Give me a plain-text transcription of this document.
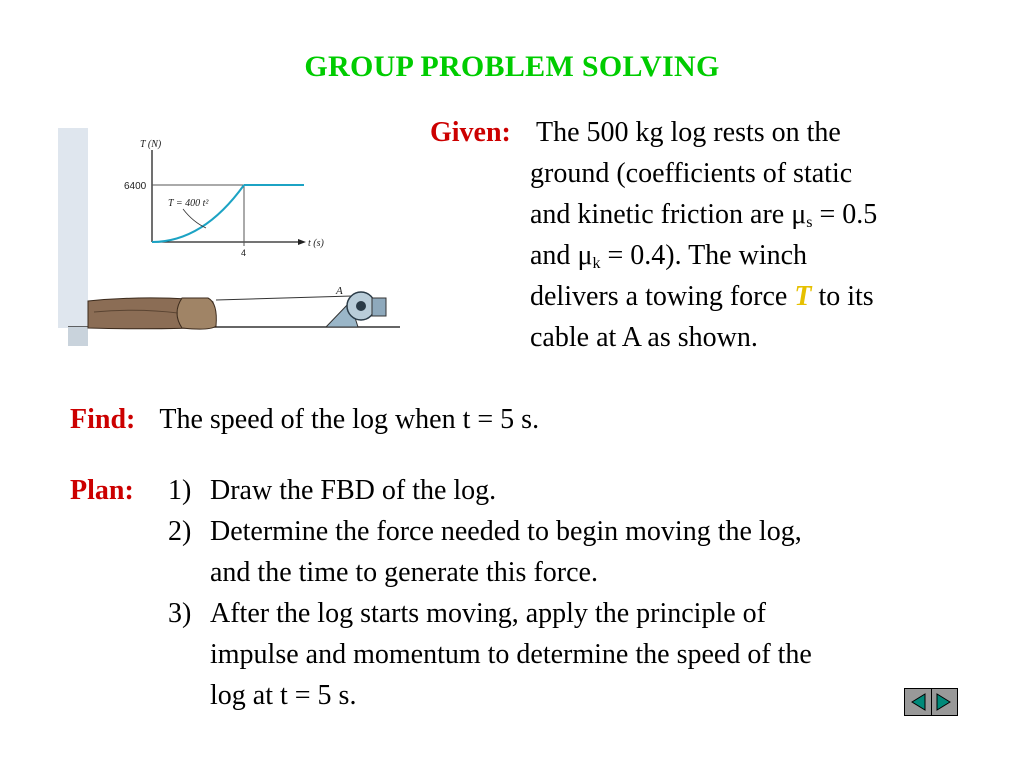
GROUP PROBLEM SOLVING
T (N)
6400
T = 400 t²
4
t (s)
A
Given: The 500 kg log rests on the
ground (coefficients of static
and kinetic friction are $\mu_s = 0.5$
and $\mu_k = 0.4$). The winch
delivers a towing force T to its
cable at A as shown.
Find: The speed of the log when t = 5 s.
Plan: 1) Draw the FBD of the log.
2) Determine the force needed to begin moving the log,
and the time to generate this force.
3) After the log starts moving, apply the principle of
impulse and momentum to determine the speed of the
log at t = 5 s.
